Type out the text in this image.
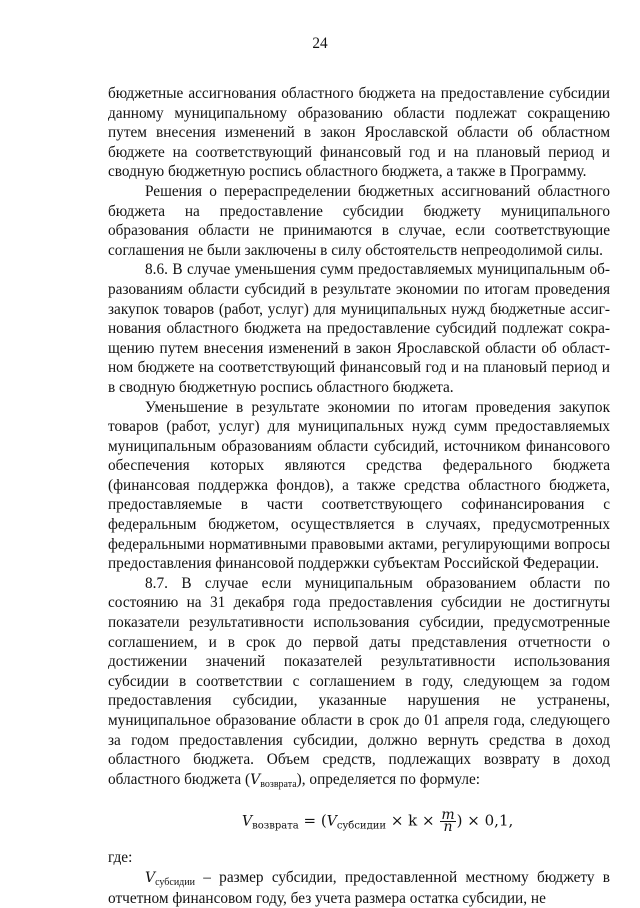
24

бюджетные ассигнования областного бюджета на предоставление субсидии данному муниципальному образованию области подлежат сокращению путем внесения изменений в закон Ярославской области об областном бюджете на соответствующий финансовый год и на плановый период и сводную бюджетную роспись областного бюджета, а также в Программу.

Решения о перераспределении бюджетных ассигнований областного бюджета на предоставление субсидии бюджету муниципального образования области не принимаются в случае, если соответствующие соглашения не были заключены в силу обстоятельств непреодолимой силы.

8.6. В случае уменьшения сумм предоставляемых муниципальным образованиям области субсидий в результате экономии по итогам проведения закупок товаров (работ, услуг) для муниципальных нужд бюджетные ассигнования областного бюджета на предоставление субсидий подлежат сокращению путем внесения изменений в закон Ярославской области об областном бюджете на соответствующий финансовый год и на плановый период и в сводную бюджетную роспись областного бюджета.

Уменьшение в результате экономии по итогам проведения закупок товаров (работ, услуг) для муниципальных нужд сумм предоставляемых муниципальным образованиям области субсидий, источником финансового обеспечения которых являются средства федерального бюджета (финансовая поддержка фондов), а также средства областного бюджета, предоставляемые в части соответствующего софинансирования с федеральным бюджетом, осуществляется в случаях, предусмотренных федеральными нормативными правовыми актами, регулирующими вопросы предоставления финансовой поддержки субъектам Российской Федерации.

8.7. В случае если муниципальным образованием области по состоянию на 31 декабря года предоставления субсидии не достигнуты показатели результативности использования субсидии, предусмотренные соглашением, и в срок до первой даты представления отчетности о достижении значений показателей результативности использования субсидии в соответствии с соглашением в году, следующем за годом предоставления субсидии, указанные нарушения не устранены, муниципальное образование области в срок до 01 апреля года, следующего за годом предоставления субсидии, должно вернуть средства в доход областного бюджета. Объем средств, подлежащих возврату в доход областного бюджета $(V_{возврата})$, определяется по формуле:

$V_{возврата} = (V_{субсидии} \times k \times \frac{m}{n}$ ) × 0,1,

где:

$V_{субсидии}$ – размер субсидии, предоставленной местному бюджету в отчетном финансовом году, без учета размера остатка субсидии, не
